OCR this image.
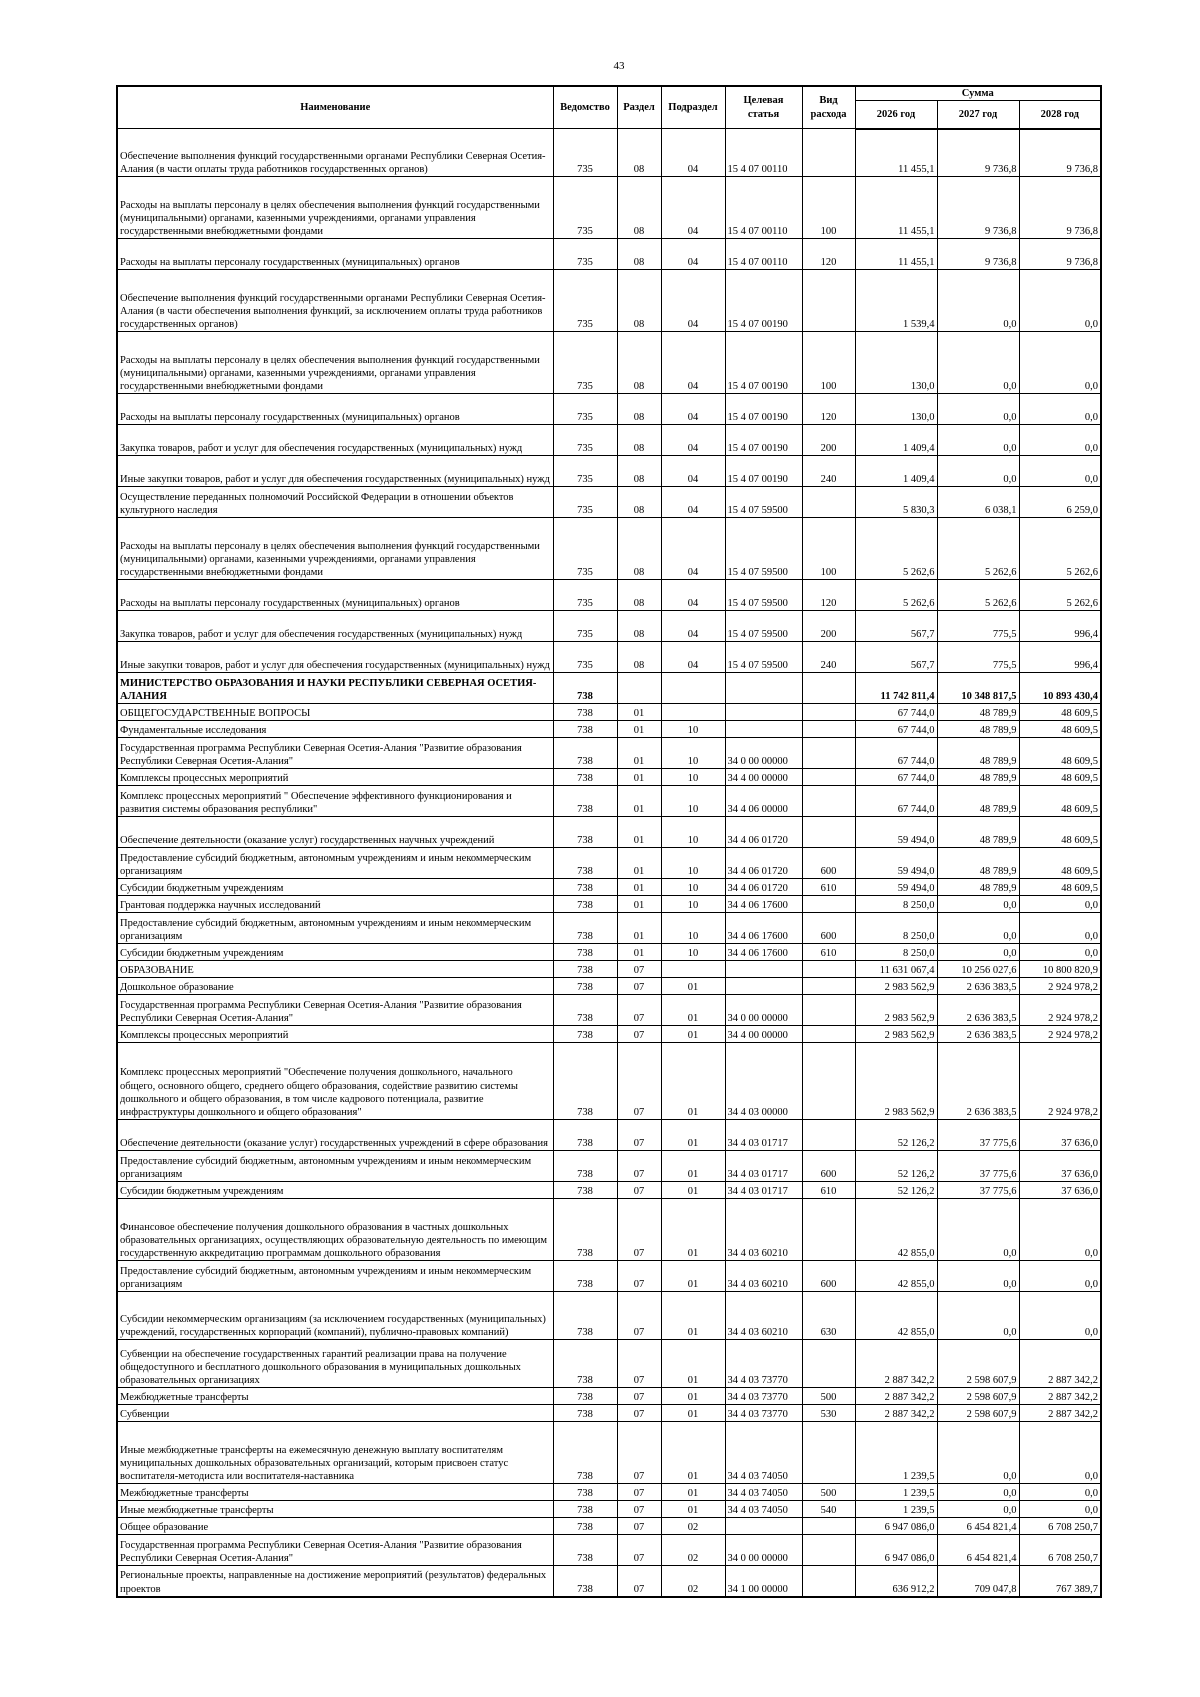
43
Наименование	Ведомство	Раздел	Подраздел	Целевая статья	Вид расхода	Сумма		
						2026 год	2027 год	2028 год
Обеспечение выполнения функций государственными органами Республики Северная Осетия-Алания (в части оплаты труда работников государственных органов)	735	08	04	15 4 07 00110		11 455,1	9 736,8	9 736,8
Расходы на выплаты персоналу в целях обеспечения выполнения функций государственными (муниципальными) органами, казенными учреждениями, органами управления государственными внебюджетными фондами	735	08	04	15 4 07 00110	100	11 455,1	9 736,8	9 736,8
Расходы на выплаты персоналу государственных (муниципальных) органов	735	08	04	15 4 07 00110	120	11 455,1	9 736,8	9 736,8
Обеспечение выполнения функций государственными органами Республики Северная Осетия-Алания (в части обеспечения выполнения функций, за исключением оплаты труда работников государственных органов)	735	08	04	15 4 07 00190		1 539,4	0,0	0,0
Расходы на выплаты персоналу в целях обеспечения выполнения функций государственными (муниципальными) органами, казенными учреждениями, органами управления государственными внебюджетными фондами	735	08	04	15 4 07 00190	100	130,0	0,0	0,0
Расходы на выплаты персоналу государственных (муниципальных) органов	735	08	04	15 4 07 00190	120	130,0	0,0	0,0
Закупка товаров, работ и услуг для обеспечения государственных (муниципальных) нужд	735	08	04	15 4 07 00190	200	1 409,4	0,0	0,0
Иные закупки товаров, работ и услуг для обеспечения государственных (муниципальных) нужд	735	08	04	15 4 07 00190	240	1 409,4	0,0	0,0
Осуществление переданных полномочий Российской Федерации в отношении объектов культурного наследия	735	08	04	15 4 07 59500		5 830,3	6 038,1	6 259,0
Расходы на выплаты персоналу в целях обеспечения выполнения функций государственными (муниципальными) органами, казенными учреждениями, органами управления государственными внебюджетными фондами	735	08	04	15 4 07 59500	100	5 262,6	5 262,6	5 262,6
Расходы на выплаты персоналу государственных (муниципальных) органов	735	08	04	15 4 07 59500	120	5 262,6	5 262,6	5 262,6
Закупка товаров, работ и услуг для обеспечения государственных (муниципальных) нужд	735	08	04	15 4 07 59500	200	567,7	775,5	996,4
Иные закупки товаров, работ и услуг для обеспечения государственных (муниципальных) нужд	735	08	04	15 4 07 59500	240	567,7	775,5	996,4
МИНИСТЕРСТВО ОБРАЗОВАНИЯ И НАУКИ РЕСПУБЛИКИ СЕВЕРНАЯ ОСЕТИЯ-АЛАНИЯ	738					11 742 811,4	10 348 817,5	10 893 430,4
ОБЩЕГОСУДАРСТВЕННЫЕ ВОПРОСЫ	738	01				67 744,0	48 789,9	48 609,5
Фундаментальные исследования	738	01	10			67 744,0	48 789,9	48 609,5
Государственная программа Республики Северная Осетия-Алания "Развитие образования Республики Северная Осетия-Алания"	738	01	10	34 0 00 00000		67 744,0	48 789,9	48 609,5
Комплексы процессных мероприятий	738	01	10	34 4 00 00000		67 744,0	48 789,9	48 609,5
Комплекс процессных мероприятий " Обеспечение эффективного функционирования и развития системы образования республики"	738	01	10	34 4 06 00000		67 744,0	48 789,9	48 609,5
Обеспечение деятельности (оказание услуг) государственных научных учреждений	738	01	10	34 4 06 01720		59 494,0	48 789,9	48 609,5
Предоставление субсидий бюджетным, автономным учреждениям и иным некоммерческим организациям	738	01	10	34 4 06 01720	600	59 494,0	48 789,9	48 609,5
Субсидии бюджетным учреждениям	738	01	10	34 4 06 01720	610	59 494,0	48 789,9	48 609,5
Грантовая поддержка научных исследований	738	01	10	34 4 06 17600		8 250,0	0,0	0,0
Предоставление субсидий бюджетным, автономным учреждениям и иным некоммерческим организациям	738	01	10	34 4 06 17600	600	8 250,0	0,0	0,0
Субсидии бюджетным учреждениям	738	01	10	34 4 06 17600	610	8 250,0	0,0	0,0
ОБРАЗОВАНИЕ	738	07				11 631 067,4	10 256 027,6	10 800 820,9
Дошкольное образование	738	07	01			2 983 562,9	2 636 383,5	2 924 978,2
Государственная программа Республики Северная Осетия-Алания "Развитие образования Республики Северная Осетия-Алания"	738	07	01	34 0 00 00000		2 983 562,9	2 636 383,5	2 924 978,2
Комплексы процессных мероприятий	738	07	01	34 4 00 00000		2 983 562,9	2 636 383,5	2 924 978,2
Комплекс процессных мероприятий "Обеспечение получения дошкольного, начального общего, основного общего, среднего общего образования, содействие развитию системы дошкольного и общего образования, в том числе кадрового потенциала, развитие инфраструктуры дошкольного и общего образования"	738	07	01	34 4 03 00000		2 983 562,9	2 636 383,5	2 924 978,2
Обеспечение деятельности (оказание услуг) государственных учреждений в сфере образования	738	07	01	34 4 03 01717		52 126,2	37 775,6	37 636,0
Предоставление субсидий бюджетным, автономным учреждениям и иным некоммерческим организациям	738	07	01	34 4 03 01717	600	52 126,2	37 775,6	37 636,0
Субсидии бюджетным учреждениям	738	07	01	34 4 03 01717	610	52 126,2	37 775,6	37 636,0
Финансовое обеспечение получения дошкольного образования в частных дошкольных образовательных организациях, осуществляющих образовательную деятельность по имеющим государственную аккредитацию программам дошкольного образования	738	07	01	34 4 03 60210		42 855,0	0,0	0,0
Предоставление субсидий бюджетным, автономным учреждениям и иным некоммерческим организациям	738	07	01	34 4 03 60210	600	42 855,0	0,0	0,0
Субсидии некоммерческим организациям (за исключением государственных (муниципальных) учреждений, государственных корпораций (компаний), публично-правовых компаний)	738	07	01	34 4 03 60210	630	42 855,0	0,0	0,0
Субвенции на обеспечение государственных гарантий реализации права на получение общедоступного и бесплатного дошкольного образования в муниципальных дошкольных образовательных организациях	738	07	01	34 4 03 73770		2 887 342,2	2 598 607,9	2 887 342,2
Межбюджетные трансферты	738	07	01	34 4 03 73770	500	2 887 342,2	2 598 607,9	2 887 342,2
Субвенции	738	07	01	34 4 03 73770	530	2 887 342,2	2 598 607,9	2 887 342,2
Иные межбюджетные трансферты на ежемесячную денежную выплату воспитателям муниципальных дошкольных образовательных организаций, которым присвоен статус воспитателя-методиста или воспитателя-наставника	738	07	01	34 4 03 74050		1 239,5	0,0	0,0
Межбюджетные трансферты	738	07	01	34 4 03 74050	500	1 239,5	0,0	0,0
Иные межбюджетные трансферты	738	07	01	34 4 03 74050	540	1 239,5	0,0	0,0
Общее образование	738	07	02			6 947 086,0	6 454 821,4	6 708 250,7
Государственная программа Республики Северная Осетия-Алания "Развитие образования Республики Северная Осетия-Алания"	738	07	02	34 0 00 00000		6 947 086,0	6 454 821,4	6 708 250,7
Региональные проекты, направленные на достижение мероприятий (результатов) федеральных проектов	738	07	02	34 1 00 00000		636 912,2	709 047,8	767 389,7
